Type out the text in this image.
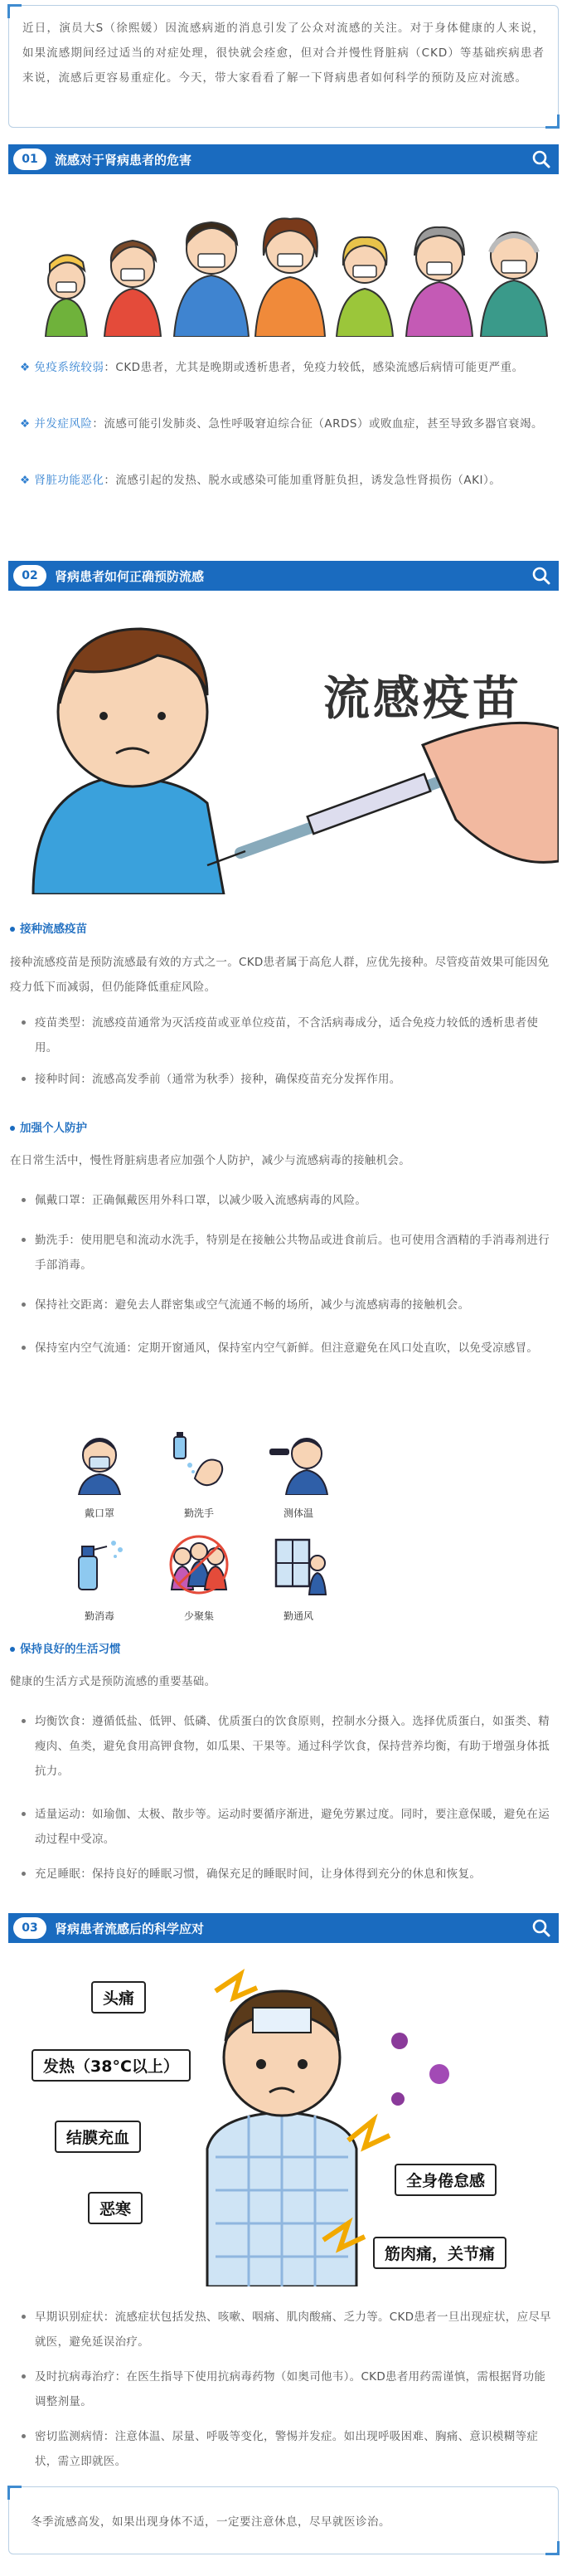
近日，演员大S（徐熙媛）因流感病逝的消息引发了公众对流感的关注。对于身体健康的人来说，如果流感期间经过适当的对症处理，很快就会痊愈，但对合并慢性肾脏病（CKD）等基础疾病患者来说，流感后更容易重症化。今天，带大家看看了解一下肾病患者如何科学的预防及应对流感。

01	流感对于肾病患者的危害
❖ 免疫系统较弱：CKD患者，尤其是晚期或透析患者，免疫力较低，感染流感后病情可能更严重。
❖ 并发症风险：流感可能引发肺炎、急性呼吸窘迫综合征（ARDS）或败血症，甚至导致多器官衰竭。
❖ 肾脏功能恶化：流感引起的发热、脱水或感染可能加重肾脏负担，诱发急性肾损伤（AKI）。
02	肾病患者如何正确预防流感
流感疫苗
接种流感疫苗
接种流感疫苗是预防流感最有效的方式之一。CKD患者属于高危人群，应优先接种。尽管疫苗效果可能因免疫力低下而减弱，但仍能降低重症风险。
疫苗类型：流感疫苗通常为灭活疫苗或亚单位疫苗，不含活病毒成分，适合免疫力较低的透析患者使用。
接种时间：流感高发季前（通常为秋季）接种，确保疫苗充分发挥作用。
加强个人防护
在日常生活中，慢性肾脏病患者应加强个人防护，减少与流感病毒的接触机会。
佩戴口罩：正确佩戴医用外科口罩，以减少吸入流感病毒的风险。
勤洗手：使用肥皂和流动水洗手，特别是在接触公共物品或进食前后。也可使用含酒精的手消毒剂进行手部消毒。
保持社交距离：避免去人群密集或空气流通不畅的场所，减少与流感病毒的接触机会。
保持室内空气流通：定期开窗通风，保持室内空气新鲜。但注意避免在风口处直吹，以免受凉感冒。
戴口罩	勤洗手	测体温
勤消毒	少聚集	勤通风
保持良好的生活习惯
健康的生活方式是预防流感的重要基础。
均衡饮食：遵循低盐、低钾、低磷、优质蛋白的饮食原则，控制水分摄入。选择优质蛋白，如蛋类、精瘦肉、鱼类，避免食用高钾食物，如瓜果、干果等。通过科学饮食，保持营养均衡，有助于增强身体抵抗力。
适量运动：如瑜伽、太极、散步等。运动时要循序渐进，避免劳累过度。同时，要注意保暖，避免在运动过程中受凉。
充足睡眠：保持良好的睡眠习惯，确保充足的睡眠时间，让身体得到充分的休息和恢复。
03	肾病患者流感后的科学应对
头痛
发热（38°C以上）
结膜充血
恶寒
全身倦怠感
筋肉痛，关节痛
早期识别症状：流感症状包括发热、咳嗽、咽痛、肌肉酸痛、乏力等。CKD患者一旦出现症状，应尽早就医，避免延误治疗。
及时抗病毒治疗：在医生指导下使用抗病毒药物（如奥司他韦）。CKD患者用药需谨慎，需根据肾功能调整剂量。
密切监测病情：注意体温、尿量、呼吸等变化，警惕并发症。如出现呼吸困难、胸痛、意识模糊等症状，需立即就医。

冬季流感高发，如果出现身体不适，一定要注意休息，尽早就医诊治。
